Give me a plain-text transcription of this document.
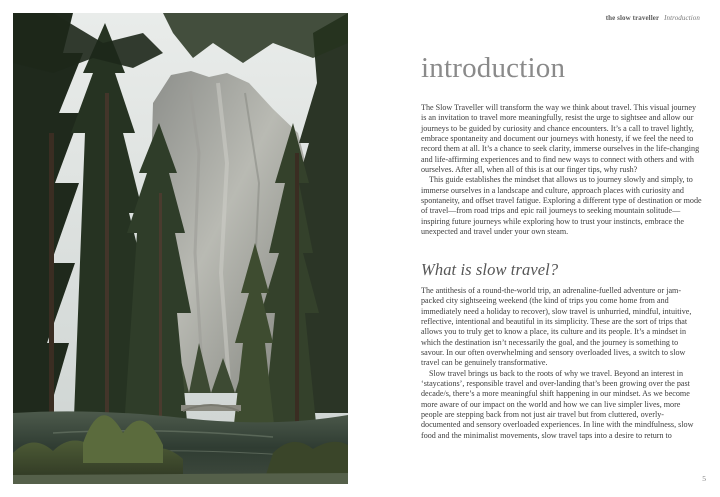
the slow traveller Introduction
introduction

The Slow Traveller will transform the way we think about travel. This visual journey is an invitation to travel more meaningfully, resist the urge to sightsee and allow our journeys to be guided by curiosity and chance encounters. It’s a call to travel lightly, embrace spontaneity and document our journeys with honesty, if we feel the need to record them at all. It’s a chance to seek clarity, immerse ourselves in the life-changing and life-affirming experiences and to find new ways to connect with others and with ourselves. After all, when all of this is at our finger tips, why rush?

This guide establishes the mindset that allows us to journey slowly and simply, to immerse ourselves in a landscape and culture, approach places with curiosity and spontaneity, and offset travel fatigue. Exploring a different type of destination or mode of travel—from road trips and epic rail journeys to seeking mountain solitude—inspiring future journeys while exploring how to trust your instincts, embrace the unexpected and travel under your own steam.

What is slow travel?

The antithesis of a round-the-world trip, an adrenaline-fuelled adventure or jam-packed city sightseeing weekend (the kind of trips you come home from and immediately need a holiday to recover), slow travel is unhurried, mindful, intuitive, reflective, intentional and beautiful in its simplicity. These are the sort of trips that allows you to truly get to know a place, its culture and its people. It’s a mindset in which the destination isn’t necessarily the goal, and the journey is something to savour. In our often overwhelming and sensory overloaded lives, a switch to slow travel can be genuinely transformative.

Slow travel brings us back to the roots of why we travel. Beyond an interest in ‘staycations’, responsible travel and over-landing that’s been growing over the past decade/s, there’s a more meaningful shift happening in our mindset. As we become more aware of our impact on the world and how we can live simpler lives, more people are stepping back from not just air travel but from cluttered, overly-documented and sensory overloaded experiences. In line with the mindfulness, slow food and the minimalist movements, slow travel taps into a desire to return to

5
